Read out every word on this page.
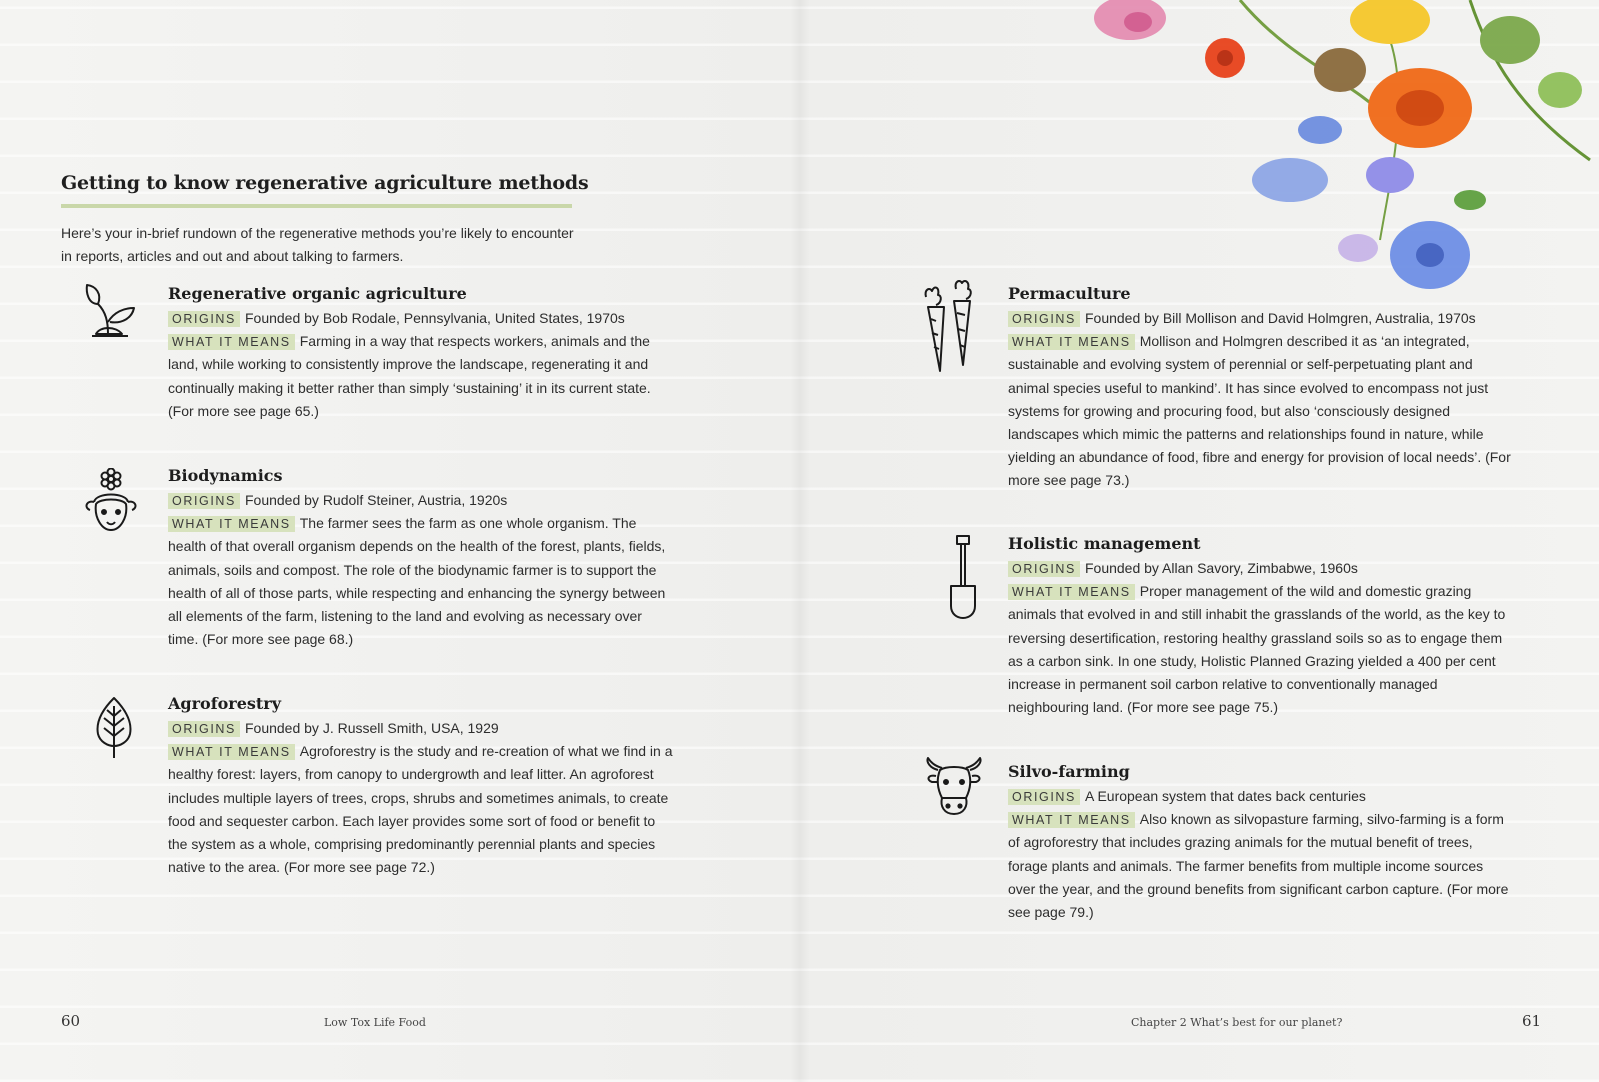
Getting to know regenerative agriculture methods

Here’s your in-brief rundown of the regenerative methods you’re likely to encounter in reports, articles and out and about talking to farmers.

Regenerative organic agriculture

ORIGINS Founded by Bob Rodale, Pennsylvania, United States, 1970s

WHAT IT MEANS Farming in a way that respects workers, animals and the land, while working to consistently improve the landscape, regenerating it and continually making it better rather than simply ‘sustaining’ it in its current state. (For more see page 65.)

Biodynamics

ORIGINS Founded by Rudolf Steiner, Austria, 1920s

WHAT IT MEANS The farmer sees the farm as one whole organism. The health of that overall organism depends on the health of the forest, plants, fields, animals, soils and compost. The role of the biodynamic farmer is to support the health of all of those parts, while respecting and enhancing the synergy between all elements of the farm, listening to the land and evolving as necessary over time. (For more see page 68.)

Agroforestry

ORIGINS Founded by J. Russell Smith, USA, 1929

WHAT IT MEANS Agroforestry is the study and re-creation of what we find in a healthy forest: layers, from canopy to undergrowth and leaf litter. An agroforest includes multiple layers of trees, crops, shrubs and sometimes animals, to create food and sequester carbon. Each layer provides some sort of food or benefit to the system as a whole, comprising predominantly perennial plants and species native to the area. (For more see page 72.)

Permaculture

ORIGINS Founded by Bill Mollison and David Holmgren, Australia, 1970s

WHAT IT MEANS Mollison and Holmgren described it as ‘an integrated, sustainable and evolving system of perennial or self-perpetuating plant and animal species useful to mankind’. It has since evolved to encompass not just systems for growing and procuring food, but also ‘consciously designed landscapes which mimic the patterns and relationships found in nature, while yielding an abundance of food, fibre and energy for provision of local needs’. (For more see page 73.)

Holistic management

ORIGINS Founded by Allan Savory, Zimbabwe, 1960s

WHAT IT MEANS Proper management of the wild and domestic grazing animals that evolved in and still inhabit the grasslands of the world, as the key to reversing desertification, restoring healthy grassland soils so as to engage them as a carbon sink. In one study, Holistic Planned Grazing yielded a 400 per cent increase in permanent soil carbon relative to conventionally managed neighbouring land. (For more see page 75.)

Silvo-farming

ORIGINS A European system that dates back centuries

WHAT IT MEANS Also known as silvopasture farming, silvo-farming is a form of agroforestry that includes grazing animals for the mutual benefit of trees, forage plants and animals. The farmer benefits from multiple income sources over the year, and the ground benefits from significant carbon capture. (For more see page 79.)

60	Low Tox Life Food	Chapter 2 What’s best for our planet?	61
